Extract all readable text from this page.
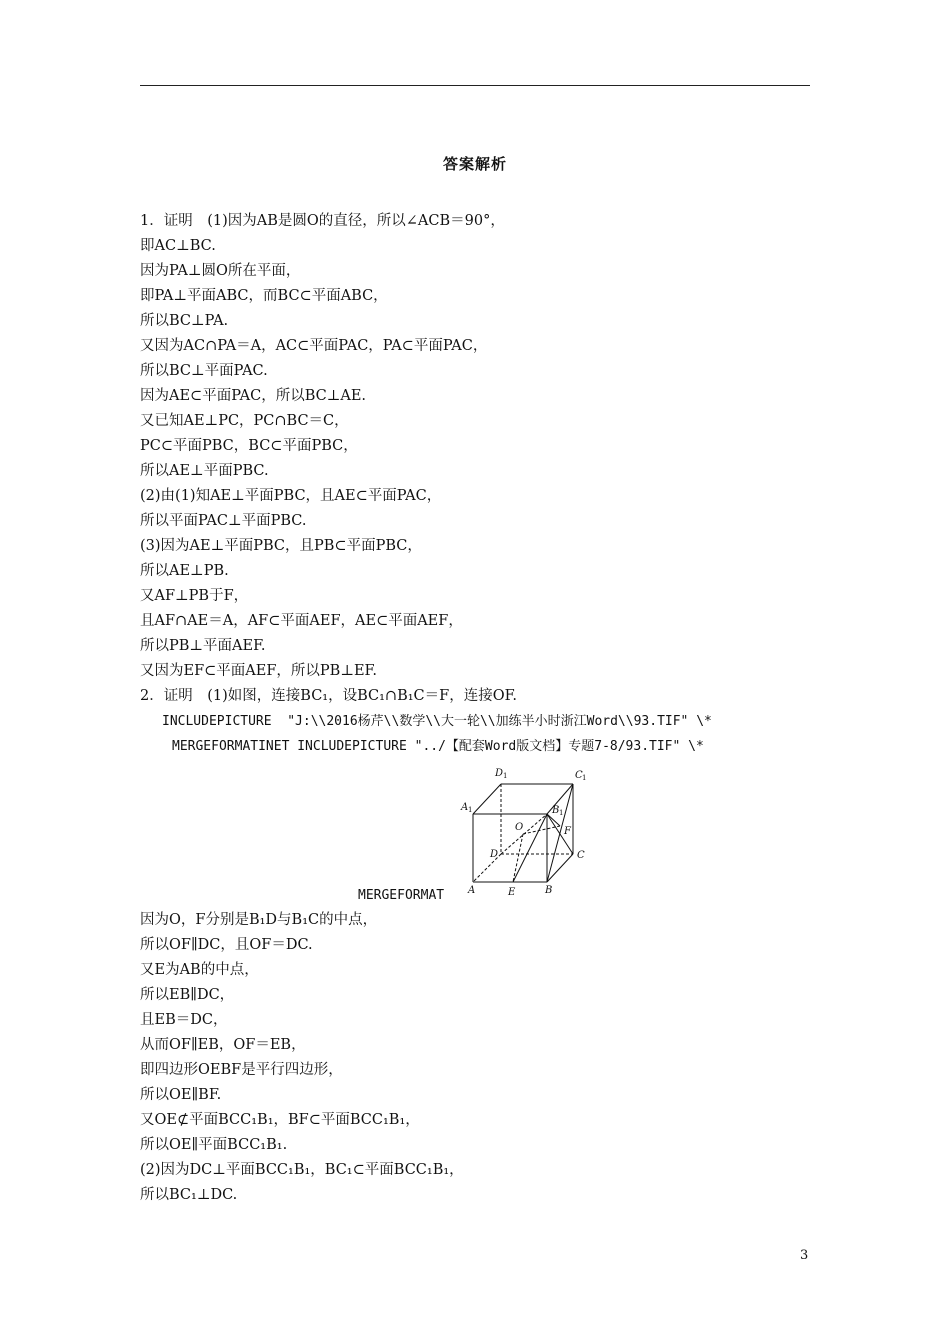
答案解析
1．证明　(1)因为AB是圆O的直径，所以∠ACB＝90°，
即AC⊥BC.
因为PA⊥圆O所在平面，
即PA⊥平面ABC，而BC⊂平面ABC，
所以BC⊥PA.
又因为AC∩PA＝A，AC⊂平面PAC，PA⊂平面PAC，
所以BC⊥平面PAC.
因为AE⊂平面PAC，所以BC⊥AE.
又已知AE⊥PC，PC∩BC＝C，
PC⊂平面PBC，BC⊂平面PBC，
所以AE⊥平面PBC.
(2)由(1)知AE⊥平面PBC，且AE⊂平面PAC，
所以平面PAC⊥平面PBC.
(3)因为AE⊥平面PBC，且PB⊂平面PBC，
所以AE⊥PB.
又AF⊥PB于F，
且AF∩AE＝A，AF⊂平面AEF，AE⊂平面AEF，
所以PB⊥平面AEF.
又因为EF⊂平面AEF，所以PB⊥EF.
2．证明　(1)如图，连接BC₁，设BC₁∩B₁C＝F，连接OF.
INCLUDEPICTURE  "J:\\2016杨芹\\数学\\大一轮\\加练半小时浙江Word\\93.TIF" \*
MERGEFORMATINET INCLUDEPICTURE "../【配套Word版文档】专题7-8/93.TIF" \*
D 1	C 1
A 1	B 1
O	F
D	C
A	E	B
MERGEFORMAT
因为O，F分别是B₁D与B₁C的中点，
所以OF∥DC，且OF＝DC.
又E为AB的中点，
所以EB∥DC，
且EB＝DC，
从而OF∥EB，OF＝EB，
即四边形OEBF是平行四边形，
所以OE∥BF.
又OE⊄平面BCC₁B₁，BF⊂平面BCC₁B₁，
所以OE∥平面BCC₁B₁.
(2)因为DC⊥平面BCC₁B₁，BC₁⊂平面BCC₁B₁，
所以BC₁⊥DC.
3
